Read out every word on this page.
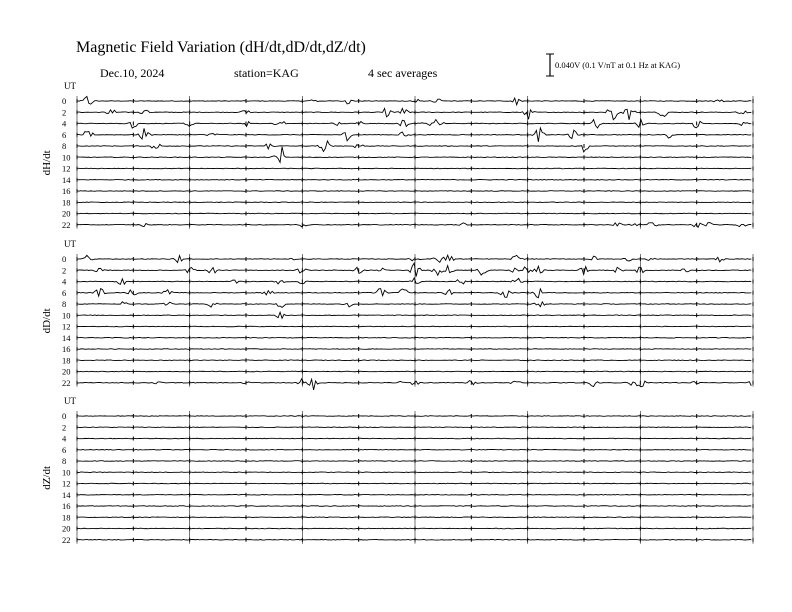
Magnetic Field Variation (dH/dt,dD/dt,dZ/dt)
Dec.10, 2024	station=KAG	4 sec averages
0.040V (0.1 V/nT at 0.1 Hz at KAG)
UT
dH/dt
0
2
4
6
8
10
12
14
16
18
20
22
UT
dD/dt
0
2
4
6
8
10
12
14
16
18
20
22
UT
dZ/dt
0
2
4
6
8
10
12
14
16
18
20
22
